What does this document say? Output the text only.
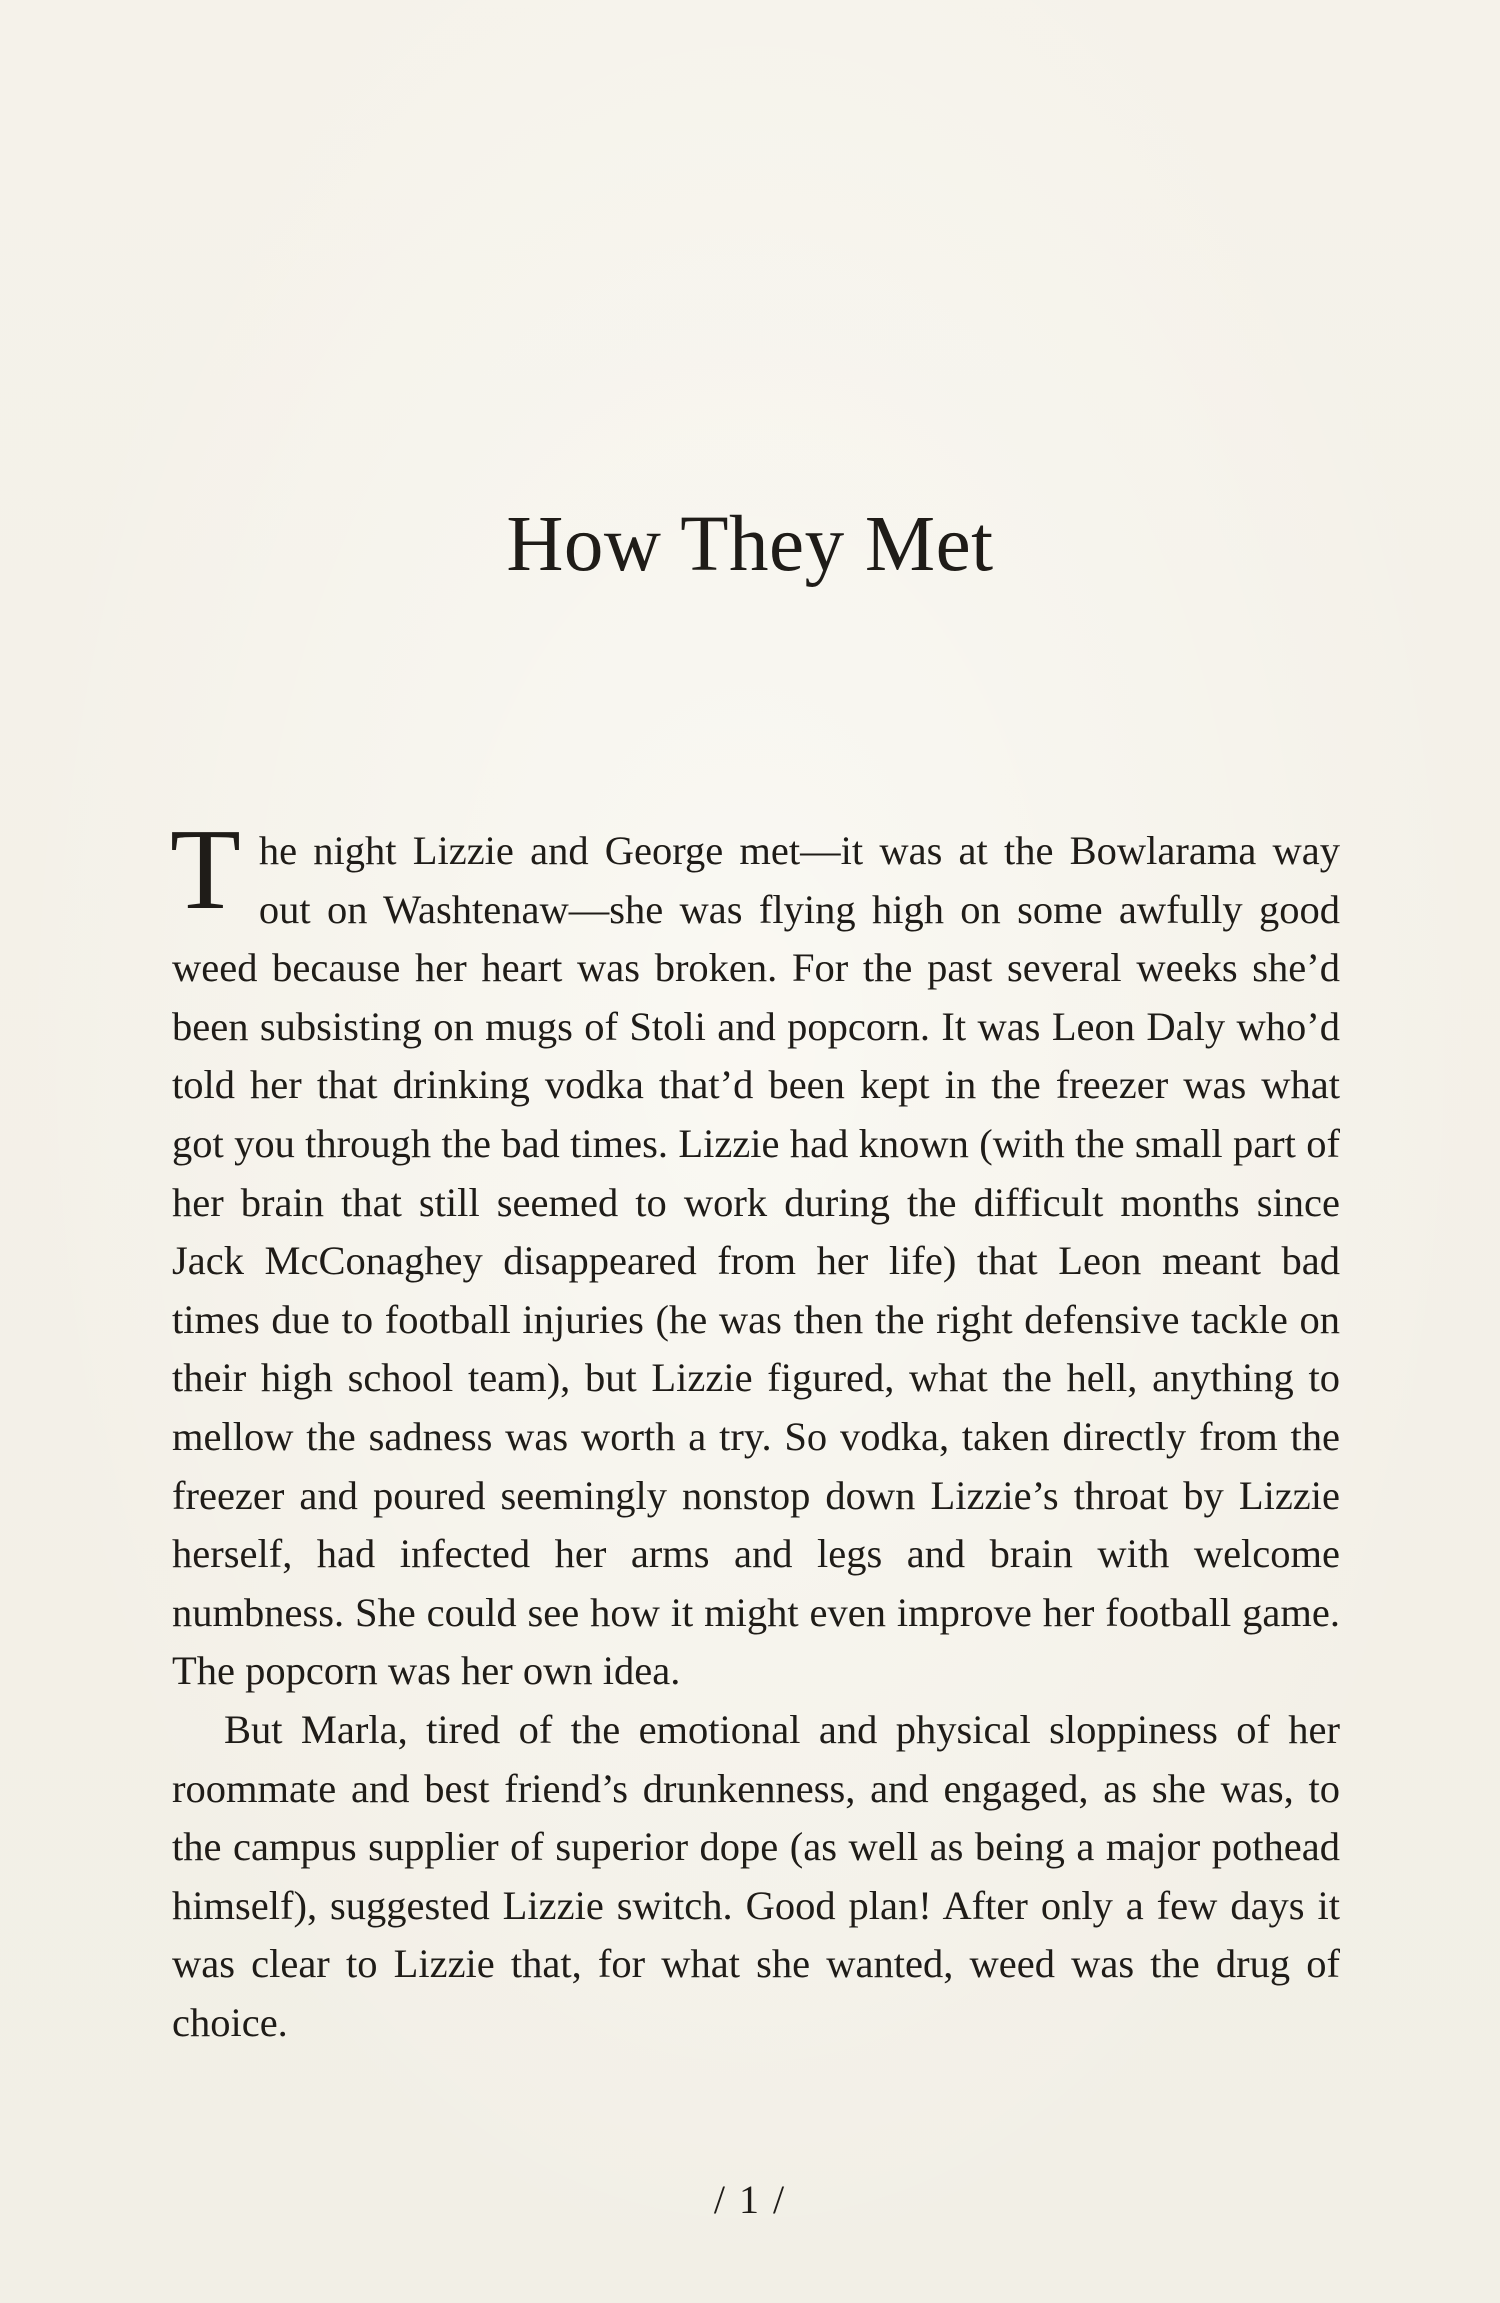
How They Met

The night Lizzie and George met—it was at the Bowlarama way out on Washtenaw—she was flying high on some awfully good weed because her heart was broken. For the past several weeks she’d been subsisting on mugs of Stoli and popcorn. It was Leon Daly who’d told her that drinking vodka that’d been kept in the freezer was what got you through the bad times. Lizzie had known (with the small part of her brain that still seemed to work during the difficult months since Jack McConaghey disappeared from her life) that Leon meant bad times due to football injuries (he was then the right defensive tackle on their high school team), but Lizzie figured, what the hell, anything to mellow the sadness was worth a try. So vodka, taken directly from the freezer and poured seemingly nonstop down Lizzie’s throat by Lizzie herself, had infected her arms and legs and brain with welcome numbness. She could see how it might even improve her football game. The popcorn was her own idea.

But Marla, tired of the emotional and physical sloppiness of her roommate and best friend’s drunkenness, and engaged, as she was, to the campus supplier of superior dope (as well as being a major pothead himself), suggested Lizzie switch. Good plan! After only a few days it was clear to Lizzie that, for what she wanted, weed was the drug of choice.

/ 1 /
